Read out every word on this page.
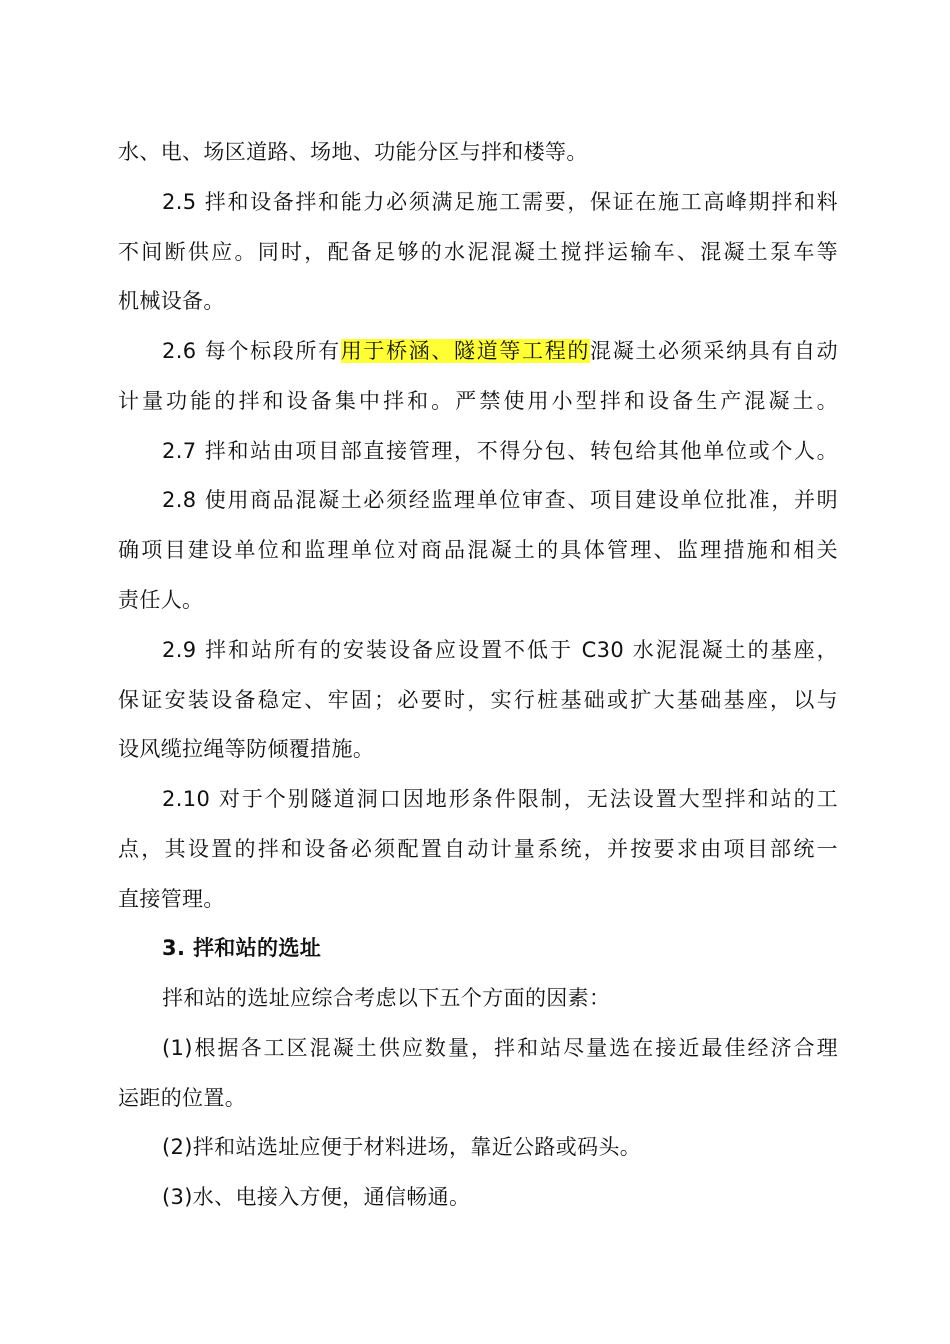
水、电、场区道路、场地、功能分区与拌和楼等。
2.5 拌和设备拌和能力必须满足施工需要，保证在施工高峰期拌和料
不间断供应。同时，配备足够的水泥混凝土搅拌运输车、混凝土泵车等
机械设备。
2.6 每个标段所有用于桥涵、隧道等工程的混凝土必须采纳具有自动
计量功能的拌和设备集中拌和。严禁使用小型拌和设备生产混凝土。
2.7 拌和站由项目部直接管理，不得分包、转包给其他单位或个人。
2.8 使用商品混凝土必须经监理单位审查、项目建设单位批准，并明
确项目建设单位和监理单位对商品混凝土的具体管理、监理措施和相关
责任人。
2.9 拌和站所有的安装设备应设置不低于 C30 水泥混凝土的基座，
保证安装设备稳定、牢固；必要时，实行桩基础或扩大基础基座，以与
设风缆拉绳等防倾覆措施。
2.10 对于个别隧道洞口因地形条件限制，无法设置大型拌和站的工
点，其设置的拌和设备必须配置自动计量系统，并按要求由项目部统一
直接管理。
3. 拌和站的选址
拌和站的选址应综合考虑以下五个方面的因素：
(1)根据各工区混凝土供应数量，拌和站尽量选在接近最佳经济合理
运距的位置。
(2)拌和站选址应便于材料进场，靠近公路或码头。
(3)水、电接入方便，通信畅通。
